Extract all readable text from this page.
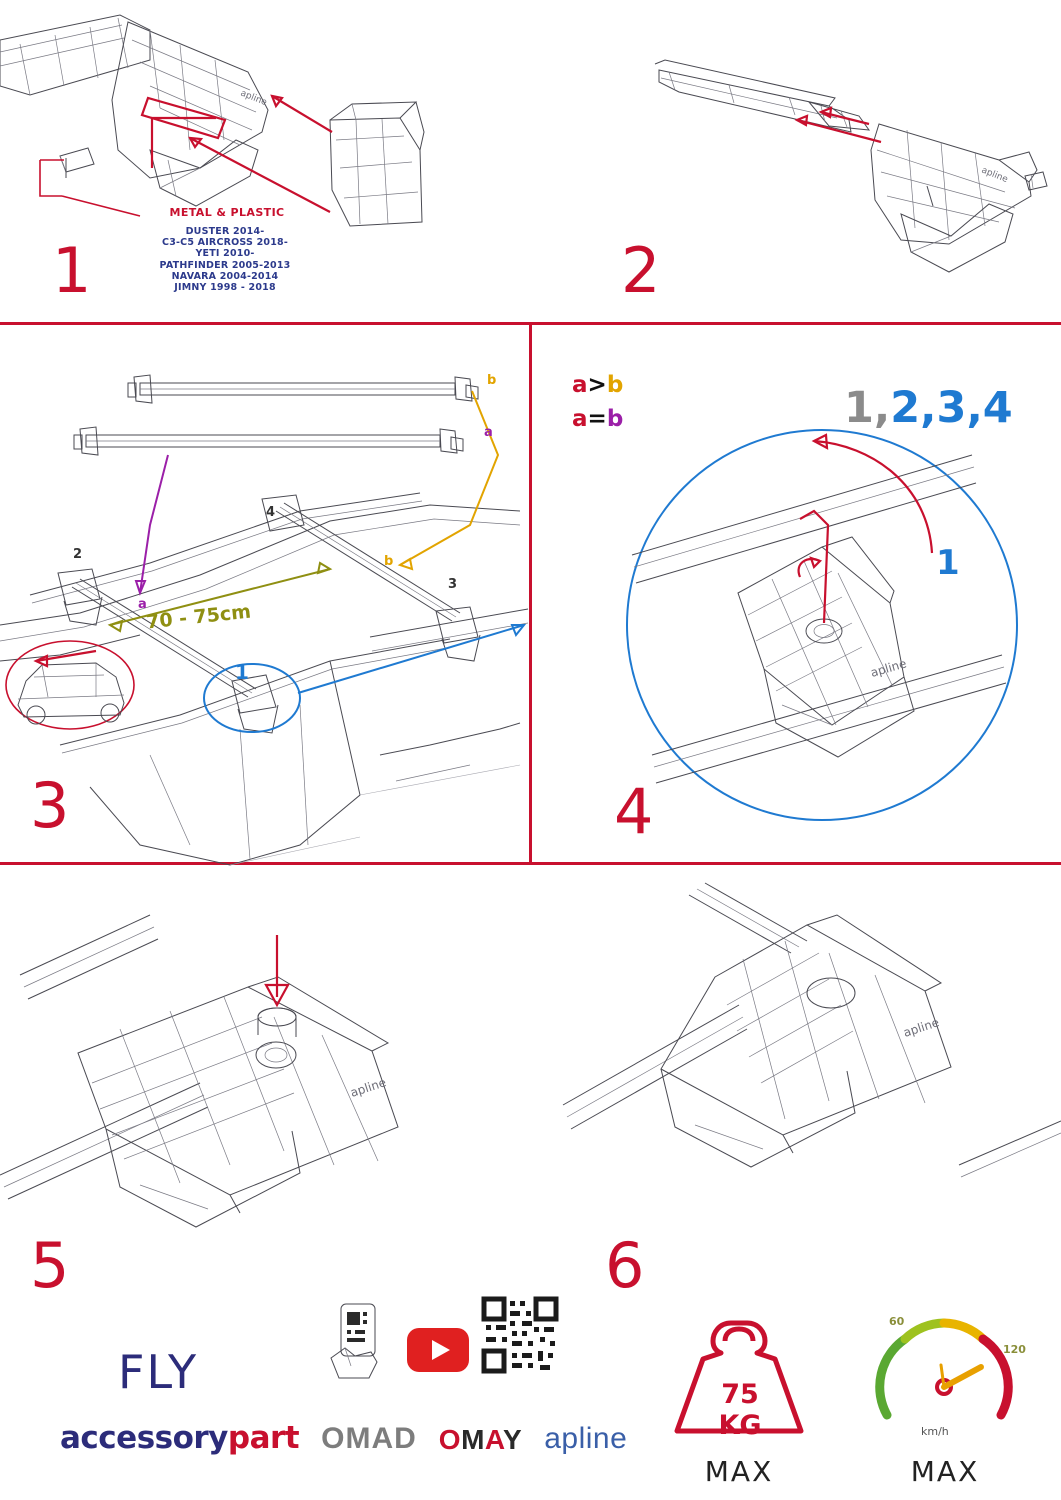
apline
METAL & PLASTIC
DUSTER 2014-
C3-C5 AIRCROSS 2018-
YETI 2010-
PATHFINDER 2005-2013
NAVARA 2004-2014
JIMNY 1998 - 2018
1
apline
2
70 - 75cm
b
a
a
b
2
3
4
1
3
a>b
a=b
apline
1,2,3,4
1
4
apline
5
FLY
accessorypart OMAD OMAY apline
apline
6
75 KG
MAX
60
120
km/h
MAX
